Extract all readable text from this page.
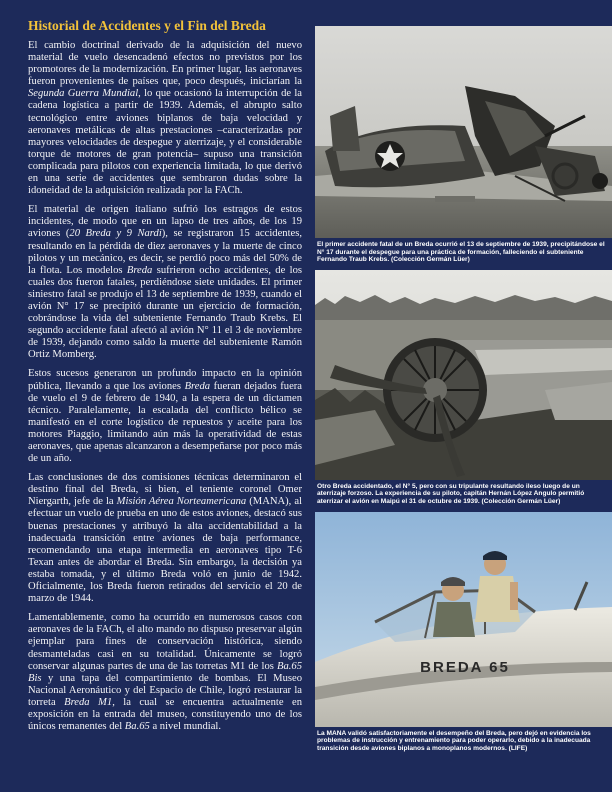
Historial de Accidentes y el Fin del Breda

El cambio doctrinal derivado de la adquisición del nuevo material de vuelo desencadenó efectos no previstos por los promotores de la modernización. En primer lugar, las aeronaves fueron provenientes de países que, poco después, iniciarían la Segunda Guerra Mundial, lo que ocasionó la interrupción de la cadena logística a partir de 1939. Además, el abrupto salto tecnológico entre aviones biplanos de baja velocidad y aeronaves metálicas de altas prestaciones –caracterizadas por mayores velocidades de despegue y aterrizaje, y el considerable torque de motores de gran potencia– supuso una transición complicada para pilotos con experiencia limitada, lo que derivó en una serie de accidentes que sembraron dudas sobre la idoneidad de la adquisición realizada por la FACh.

El material de origen italiano sufrió los estragos de estos incidentes, de modo que en un lapso de tres años, de los 19 aviones (20 Breda y 9 Nardi), se registraron 15 accidentes, resultando en la pérdida de diez aeronaves y la muerte de cinco pilotos y un mecánico, es decir, se perdió poco más del 50% de la flota. Los modelos Breda sufrieron ocho accidentes, de los cuales dos fueron fatales, perdiéndose siete unidades. El primer siniestro fatal se produjo el 13 de septiembre de 1939, cuando el avión N° 17 se precipitó durante un ejercicio de formación, cobrándose la vida del subteniente Fernando Traub Krebs. El segundo accidente fatal afectó al avión N° 11 el 3 de noviembre de 1939, dejando como saldo la muerte del subteniente Ramón Ortiz Momberg.

Estos sucesos generaron un profundo impacto en la opinión pública, llevando a que los aviones Breda fueran dejados fuera de vuelo el 9 de febrero de 1940, a la espera de un dictamen técnico. Paralelamente, la escalada del conflicto bélico se manifestó en el corte logístico de repuestos y aceite para los motores Piaggio, limitando aún más la operatividad de estas aeronaves, que apenas alcanzaron a desempeñarse por poco más de un año.

Las conclusiones de dos comisiones técnicas determinaron el destino final del Breda, si bien, el teniente coronel Omer Niergarth, jefe de la Misión Aérea Norteamericana (MANA), al efectuar un vuelo de prueba en uno de estos aviones, destacó sus buenas prestaciones y atribuyó la alta accidentabilidad a la inadecuada transición entre aviones de baja performance, recomendando una etapa intermedia en aeronaves tipo T-6 Texan antes de abordar el Breda. Sin embargo, la decisión ya estaba tomada, y el último Breda voló en junio de 1942. Oficialmente, los Breda fueron retirados del servicio el 20 de marzo de 1944.

Lamentablemente, como ha ocurrido en numerosos casos con aeronaves de la FACh, el alto mando no dispuso preservar algún ejemplar para fines de conservación histórica, siendo desmanteladas casi en su totalidad. Únicamente se logró conservar algunas partes de una de las torretas M1 de los Ba.65 Bis y una tapa del compartimiento de bombas. El Museo Nacional Aeronáutico y del Espacio de Chile, logró restaurar la torreta Breda M1, la cual se encuentra actualmente en exposición en la entrada del museo, constituyendo uno de los únicos remanentes del Ba.65 a nivel mundial.

El primer accidente fatal de un Breda ocurrió el 13 de septiembre de 1939, precipitándose el N° 17 durante el despegue para una práctica de formación, falleciendo el subteniente Fernando Traub Krebs. (Colección Germán Lüer)
Otro Breda accidentado, el N° 5, pero con su tripulante resultando ileso luego de un aterrizaje forzoso. La experiencia de su piloto, capitán Hernán López Angulo permitió aterrizar el avión en Maipú el 31 de octubre de 1939. (Colección Germán Lüer)
BREDA 65
La MANA validó satisfactoriamente el desempeño del Breda, pero dejó en evidencia los problemas de instrucción y entrenamiento para poder operarlo, debido a la inadecuada transición desde aviones biplanos a monoplanos modernos. (LIFE)
